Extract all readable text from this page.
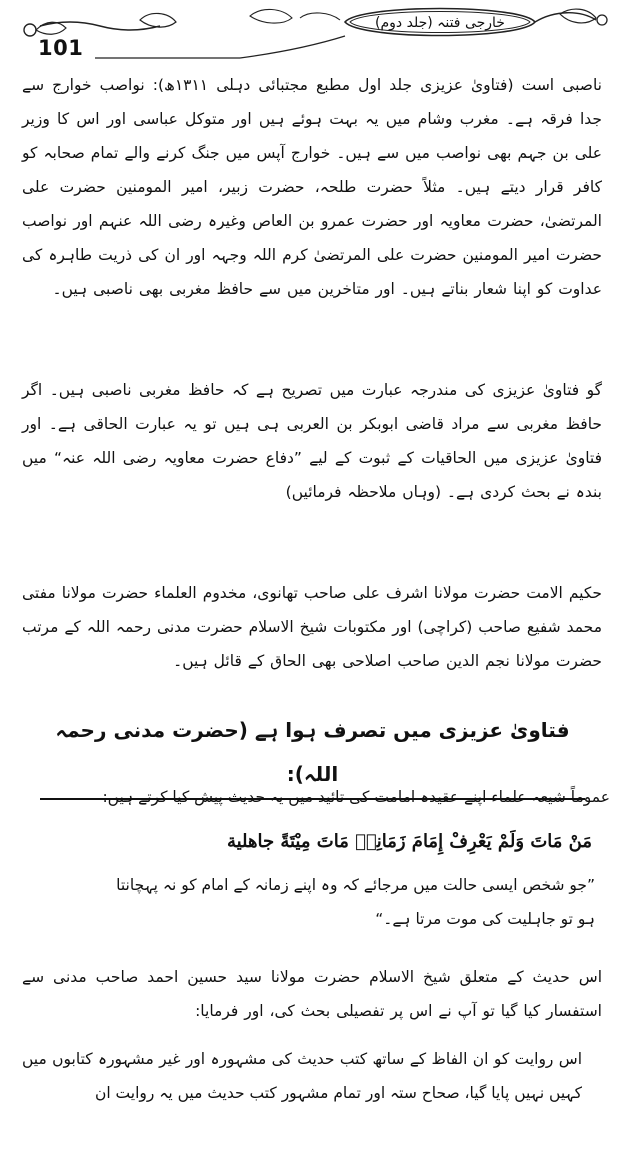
خارجی فتنہ (جلد دوم)
101
ناصبی است (فتاویٰ عزیزی جلد اول مطبع مجتبائی دہلی ۱۳۱۱ھ): نواصب خوارج سے جدا فرقہ ہے۔ مغرب وشام میں یہ بہت ہوئے ہیں اور متوکل عباسی اور اس کا وزیر علی بن جہم بھی نواصب میں سے ہیں۔ خوارج آپس میں جنگ کرنے والے تمام صحابہ کو کافر قرار دیتے ہیں۔ مثلاً حضرت طلحہ، حضرت زبیر، امیر المومنین حضرت علی المرتضیٰ، حضرت معاویہ اور حضرت عمرو بن العاص وغیرہ رضی اللہ عنہم اور نواصب حضرت امیر المومنین حضرت علی المرتضیٰ کرم اللہ وجہہ اور ان کی ذریت طاہرہ کی عداوت کو اپنا شعار بناتے ہیں۔ اور متاخرین میں سے حافظ مغربی بھی ناصبی ہیں۔
گو فتاویٰ عزیزی کی مندرجہ عبارت میں تصریح ہے کہ حافظ مغربی ناصبی ہیں۔ اگر حافظ مغربی سے مراد قاضی ابوبکر بن العربی ہی ہیں تو یہ عبارت الحاقی ہے۔ اور فتاویٰ عزیزی میں الحاقیات کے ثبوت کے لیے ”دفاع حضرت معاویہ رضی اللہ عنہ“ میں بندہ نے بحث کردی ہے۔ (وہاں ملاحظہ فرمائیں)
حکیم الامت حضرت مولانا اشرف علی صاحب تھانوی، مخدوم العلماء حضرت مولانا مفتی محمد شفیع صاحب (کراچی) اور مکتوبات شیخ الاسلام حضرت مدنی رحمہ اللہ کے مرتب حضرت مولانا نجم الدین صاحب اصلاحی بھی الحاق کے قائل ہیں۔
فتاویٰ عزیزی میں تصرف ہوا ہے (حضرت مدنی رحمہ اللہ):
عموماً شیعہ علماء اپنے عقیدہ امامت کی تائید میں یہ حدیث پیش کیا کرتے ہیں:
مَنْ مَاتَ وَلَمْ يَعْرِفْ إِمَامَ زَمَانِهٖ مَاتَ مِيْتَةً جاهلية
”جو شخص ایسی حالت میں مرجائے کہ وہ اپنے زمانہ کے امام کو نہ پہچانتا ہو تو جاہلیت کی موت مرتا ہے۔“
اس حدیث کے متعلق شیخ الاسلام حضرت مولانا سید حسین احمد صاحب مدنی سے استفسار کیا گیا تو آپ نے اس پر تفصیلی بحث کی، اور فرمایا:
اس روایت کو ان الفاظ کے ساتھ کتب حدیث کی مشہورہ اور غیر مشہورہ کتابوں میں کہیں نہیں پایا گیا، صحاح ستہ اور تمام مشہور کتب حدیث میں یہ روایت ان
